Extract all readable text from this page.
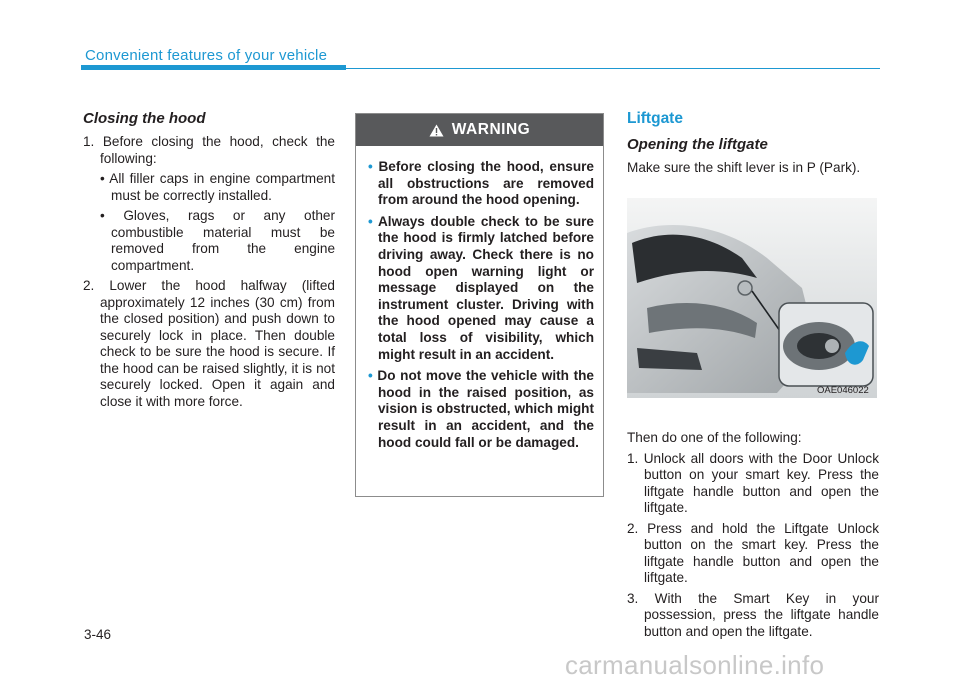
Convenient features of your vehicle
Closing the hood
1. Before closing the hood, check the following:
• All filler caps in engine compartment must be correctly installed.
• Gloves, rags or any other combustible material must be removed from the engine compartment.
2. Lower the hood halfway (lifted approximately 12 inches (30 cm) from the closed position) and push down to securely lock in place. Then double check to be sure the hood is secure. If the hood can be raised slightly, it is not securely locked. Open it again and close it with more force.
WARNING
• Before closing the hood, ensure all obstructions are removed from around the hood opening.
• Always double check to be sure the hood is firmly latched before driving away. Check there is no hood open warning light or message displayed on the instrument cluster. Driving with the hood opened may cause a total loss of visibility, which might result in an accident.
• Do not move the vehicle with the hood in the raised position, as vision is obstructed, which might result in an accident, and the hood could fall or be damaged.
Liftgate
Opening the liftgate
Make sure the shift lever is in P (Park).
OAE046022
Then do one of the following:
1. Unlock all doors with the Door Unlock button on your smart key. Press the liftgate handle button and open the liftgate.
2. Press and hold the Liftgate Unlock button on the smart key. Press the liftgate handle button and open the liftgate.
3. With the Smart Key in your possession, press the liftgate handle button and open the liftgate.
3-46
carmanualsonline.info
